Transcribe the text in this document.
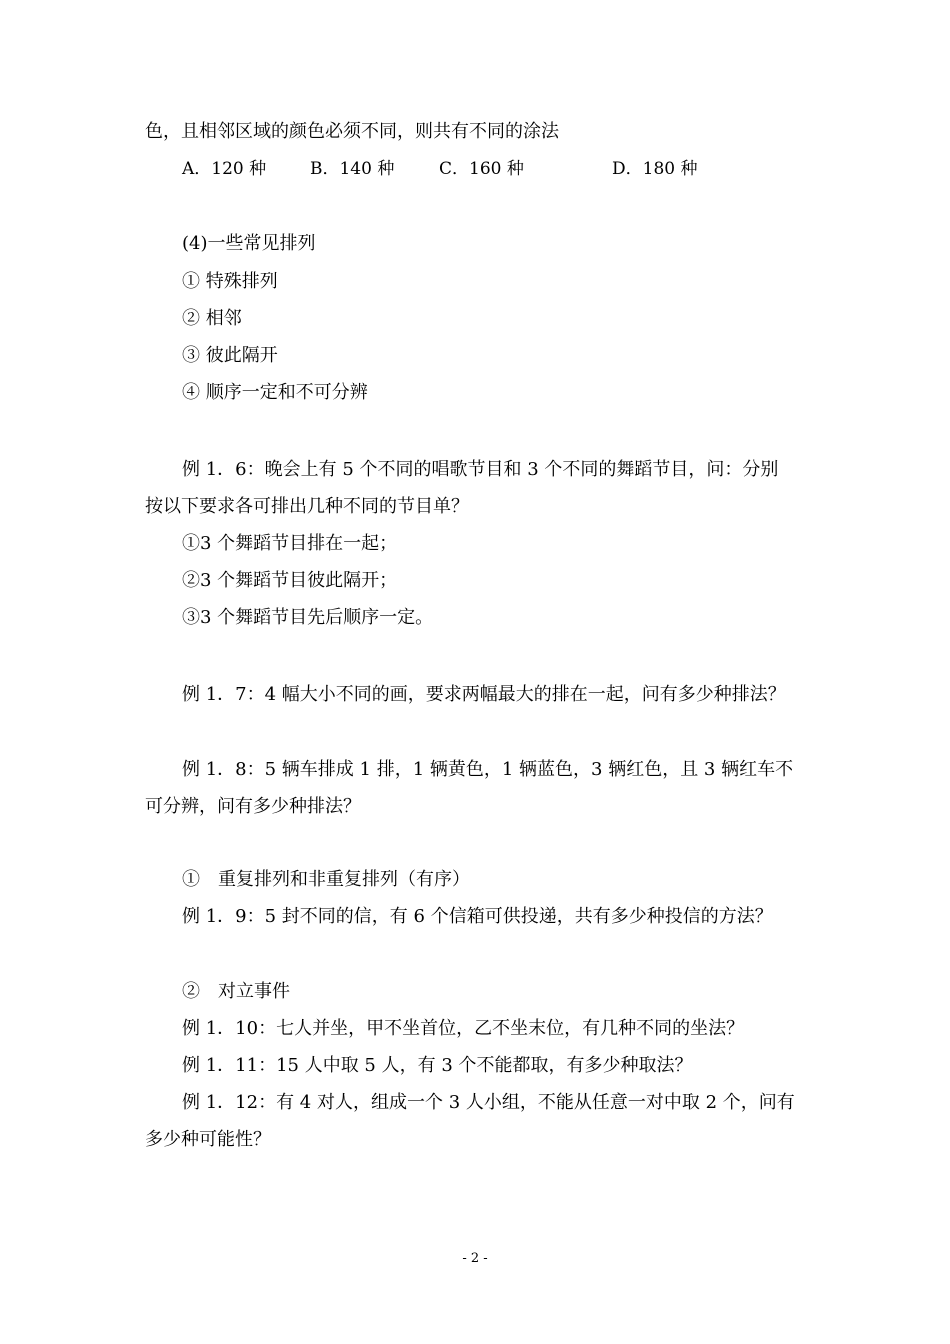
色，且相邻区域的颜色必须不同，则共有不同的涂法
A．120 种	B．140 种	C．160 种	D．180 种
(4)一些常见排列
① 特殊排列
② 相邻
③ 彼此隔开
④ 顺序一定和不可分辨
例 1．6：晚会上有 5 个不同的唱歌节目和 3 个不同的舞蹈节目，问：分别
按以下要求各可排出几种不同的节目单？
①3 个舞蹈节目排在一起；
②3 个舞蹈节目彼此隔开；
③3 个舞蹈节目先后顺序一定。
例 1．7：4 幅大小不同的画，要求两幅最大的排在一起，问有多少种排法？
例 1．8：5 辆车排成 1 排，1 辆黄色，1 辆蓝色，3 辆红色，且 3 辆红车不
可分辨，问有多少种排法？
①　重复排列和非重复排列（有序）
例 1．9：5 封不同的信，有 6 个信箱可供投递，共有多少种投信的方法？
②　对立事件
例 1．10：七人并坐，甲不坐首位，乙不坐末位，有几种不同的坐法？
例 1．11：15 人中取 5 人，有 3 个不能都取，有多少种取法？
例 1．12：有 4 对人，组成一个 3 人小组，不能从任意一对中取 2 个，问有
多少种可能性？
- 2 -
